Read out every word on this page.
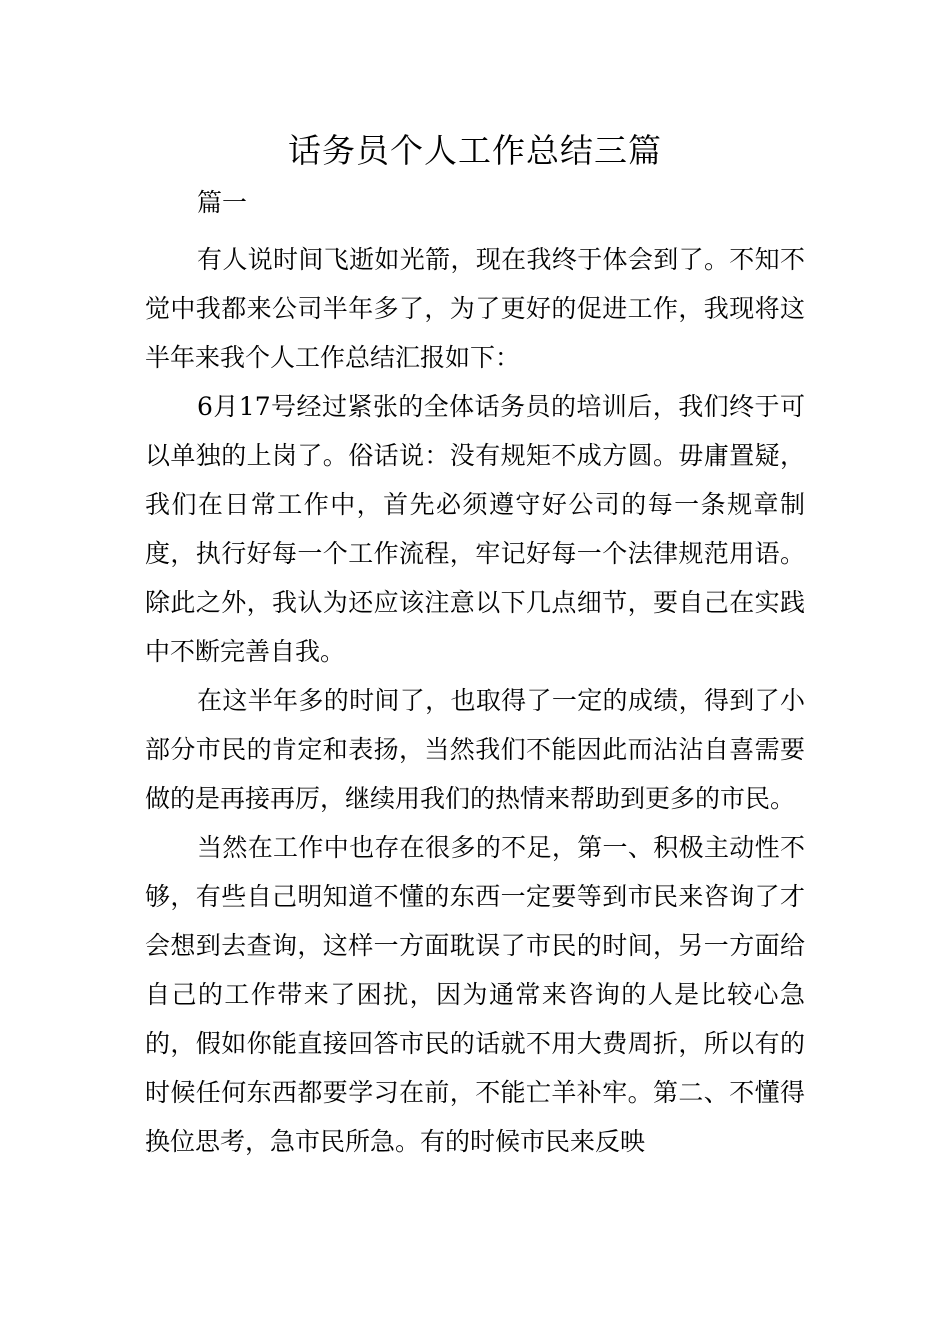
话务员个人工作总结三篇

篇一

有人说时间飞逝如光箭，现在我终于体会到了。不知不觉中我都来公司半年多了，为了更好的促进工作，我现将这半年来我个人工作总结汇报如下：

6月17号经过紧张的全体话务员的培训后，我们终于可以单独的上岗了。俗话说：没有规矩不成方圆。毋庸置疑，我们在日常工作中，首先必须遵守好公司的每一条规章制度，执行好每一个工作流程，牢记好每一个法律规范用语。除此之外，我认为还应该注意以下几点细节，要自己在实践中不断完善自我。

在这半年多的时间了，也取得了一定的成绩，得到了小部分市民的肯定和表扬，当然我们不能因此而沾沾自喜需要做的是再接再厉，继续用我们的热情来帮助到更多的市民。

当然在工作中也存在很多的不足，第一、积极主动性不够，有些自己明知道不懂的东西一定要等到市民来咨询了才会想到去查询，这样一方面耽误了市民的时间，另一方面给自己的工作带来了困扰，因为通常来咨询的人是比较心急的，假如你能直接回答市民的话就不用大费周折，所以有的时候任何东西都要学习在前，不能亡羊补牢。第二、不懂得换位思考，急市民所急。有的时候市民来反映
